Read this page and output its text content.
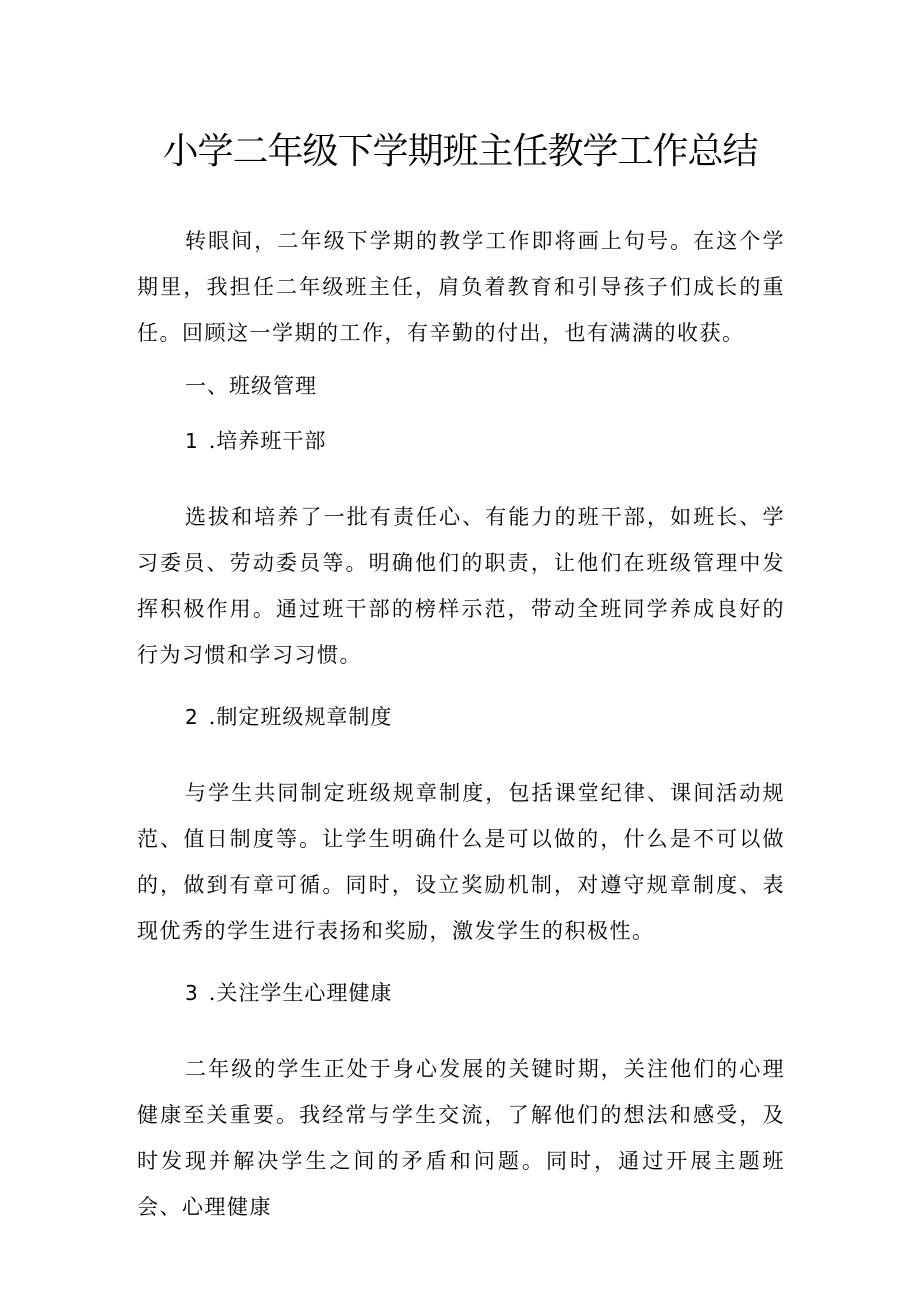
小学二年级下学期班主任教学工作总结

转眼间，二年级下学期的教学工作即将画上句号。在这个学期里，我担任二年级班主任，肩负着教育和引导孩子们成长的重任。回顾这一学期的工作，有辛勤的付出，也有满满的收获。

一、班级管理

1 .培养班干部

选拔和培养了一批有责任心、有能力的班干部，如班长、学习委员、劳动委员等。明确他们的职责，让他们在班级管理中发挥积极作用。通过班干部的榜样示范，带动全班同学养成良好的行为习惯和学习习惯。

2 .制定班级规章制度

与学生共同制定班级规章制度，包括课堂纪律、课间活动规范、值日制度等。让学生明确什么是可以做的，什么是不可以做的，做到有章可循。同时，设立奖励机制，对遵守规章制度、表现优秀的学生进行表扬和奖励，激发学生的积极性。

3 .关注学生心理健康

二年级的学生正处于身心发展的关键时期，关注他们的心理健康至关重要。我经常与学生交流，了解他们的想法和感受，及时发现并解决学生之间的矛盾和问题。同时，通过开展主题班会、心理健康
